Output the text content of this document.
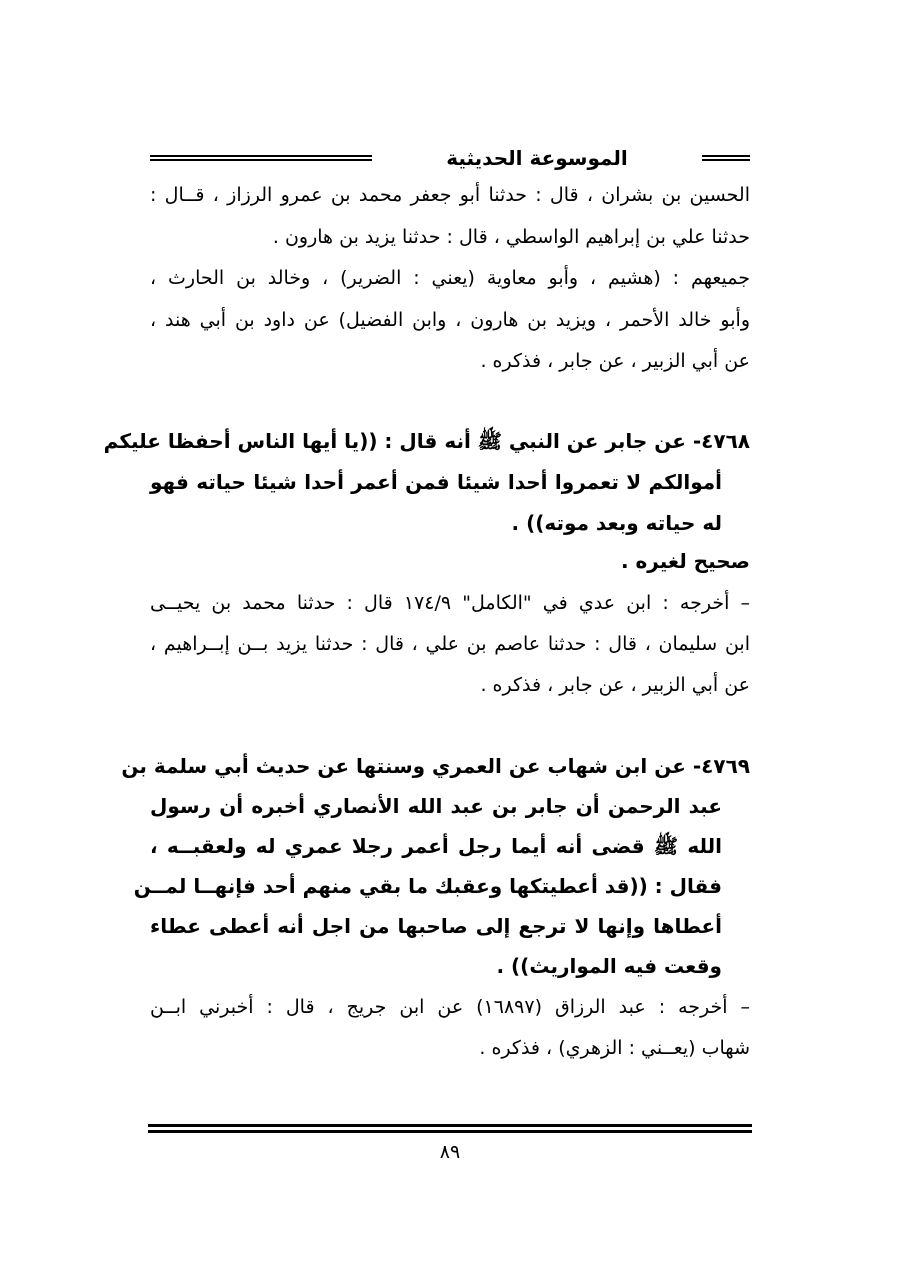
الموسوعة الحديثية
الحسين بن بشران ، قال : حدثنا أبو جعفر محمد بن عمرو الرزاز ، قــال :
حدثنا علي بن إبراهيم الواسطي ، قال : حدثنا يزيد بن هارون .
جميعهم : (هشيم ، وأبو معاوية (يعني : الضرير) ، وخالد بن الحارث ،
وأبو خالد الأحمر ، ويزيد بن هارون ، وابن الفضيل) عن داود بن أبي هند ،
عن أبي الزبير ، عن جابر ، فذكره .
٤٧٦٨- عن جابر عن النبي ﷺ أنه قال : ((يا أيها الناس أحفظا عليكم
أموالكم لا تعمروا أحدا شيئا فمن أعمر أحدا شيئا حياته فهو
له حياته وبعد موته)) .
صحيح لغيره .
– أخرجه : ابن عدي في "الكامل" ١٧٤/٩ قال : حدثنا محمد بن يحيــى
ابن سليمان ، قال : حدثنا عاصم بن علي ، قال : حدثنا يزيد بــن إبــراهيم ،
عن أبي الزبير ، عن جابر ، فذكره .
٤٧٦٩- عن ابن شهاب عن العمري وسنتها عن حديث أبي سلمة بن
عبد الرحمن أن جابر بن عبد الله الأنصاري أخبره أن رسول
الله ﷺ قضى أنه أيما رجل أعمر رجلا عمري له ولعقبــه ،
فقال : ((قد أعطيتكها وعقبك ما بقي منهم أحد فإنهــا لمــن
أعطاها وإنها لا ترجع إلى صاحبها من اجل أنه أعطى عطاء
وقعت فيه المواريث)) .
– أخرجه : عبد الرزاق (١٦٨٩٧) عن ابن جريج ، قال : أخبرني ابــن
شهاب (يعــني : الزهري) ، فذكره .
٨٩
